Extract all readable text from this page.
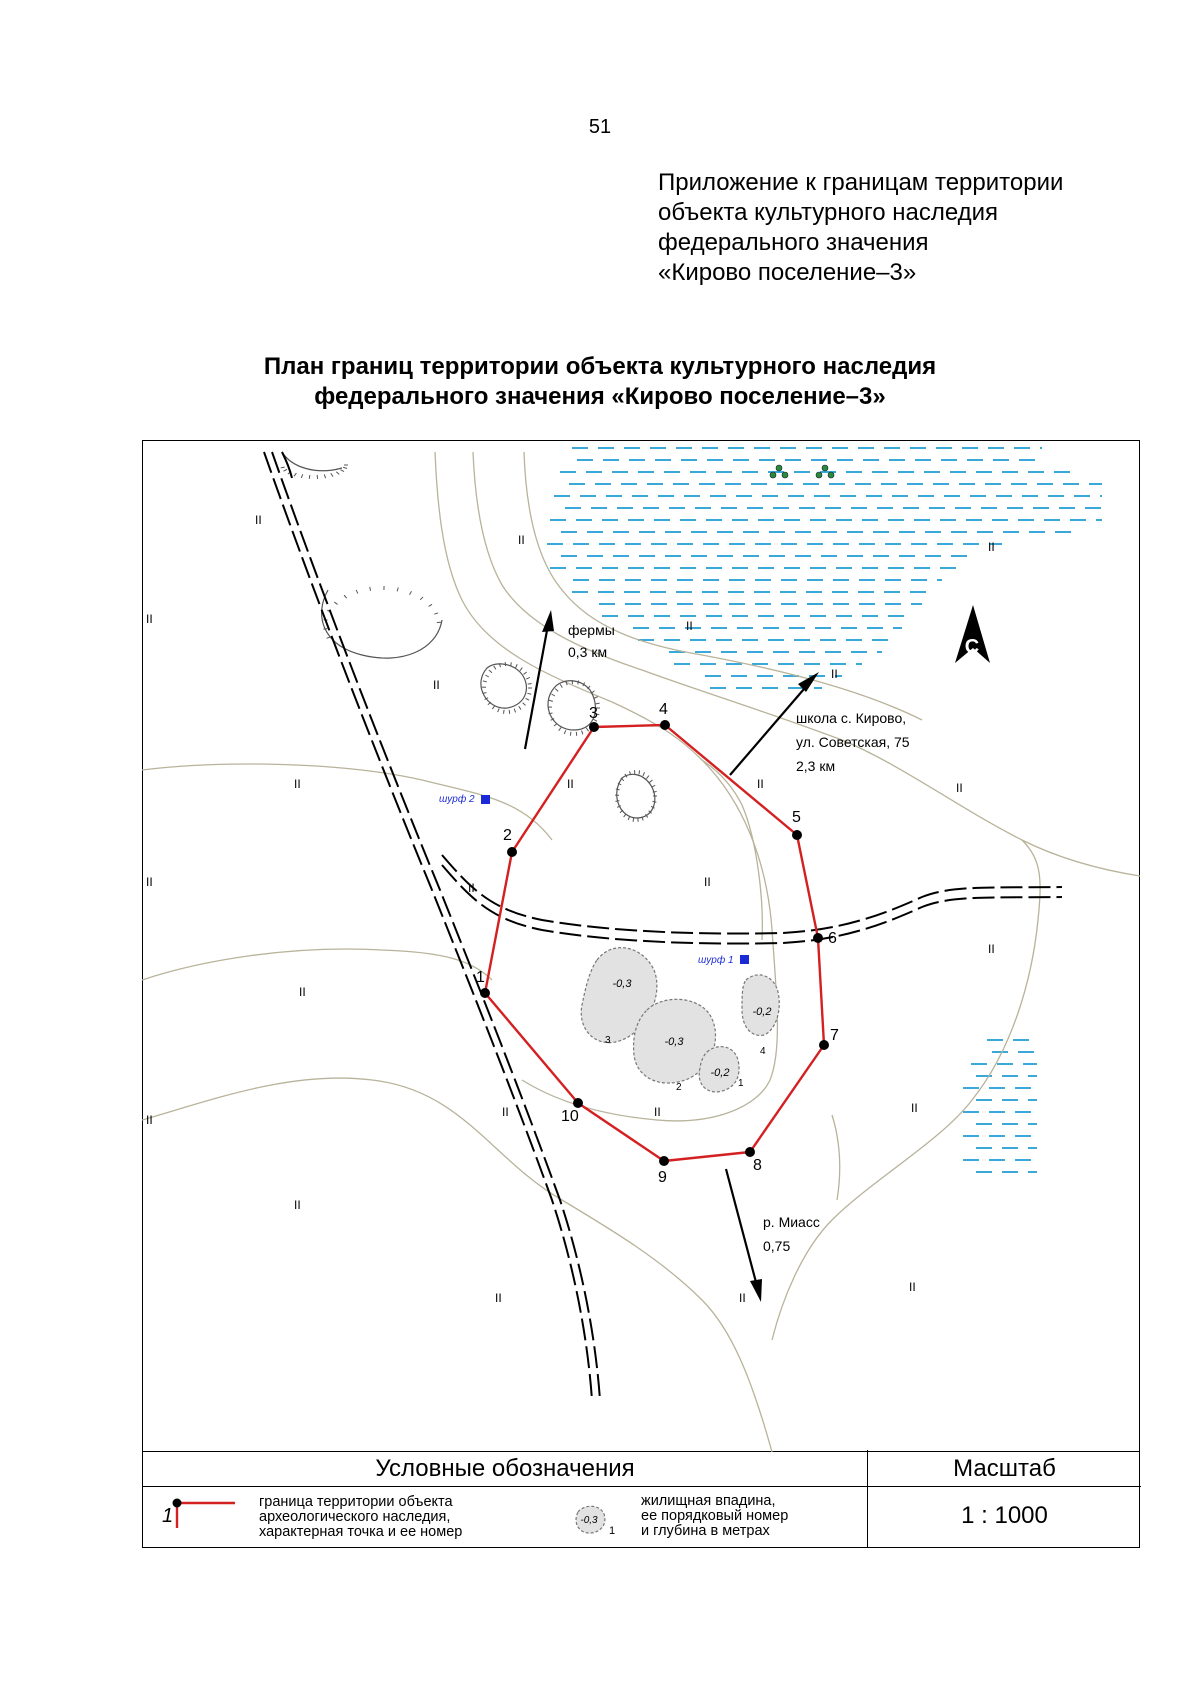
51
Приложение к границам территории
объекта культурного наследия
федерального значения
«Кирово поселение–3»
План границ территории объекта культурного наследия
федерального значения «Кирово поселение–3»
1
2
3	4
5
6
7
8
9
10
шурф 2
шурф 1
-0,3
-0,3
-0,2
-0,2
3
2	1
4
фермы
0,3 км
школа с. Кирово,
ул. Советская, 75
2,3 км
р. Миасс
0,75
С
II
II	II
II	II
II
II
II	II	II	II
II	II	II
II
II
II	II	II
II
II
II	II
II
Условные обозначения	Масштаб
1 : 1000
1
граница территории объекта
археологического наследия,
характерная точка и ее номер
-0,3
1
жилищная впадина,
ее порядковый номер
и глубина в метрах
